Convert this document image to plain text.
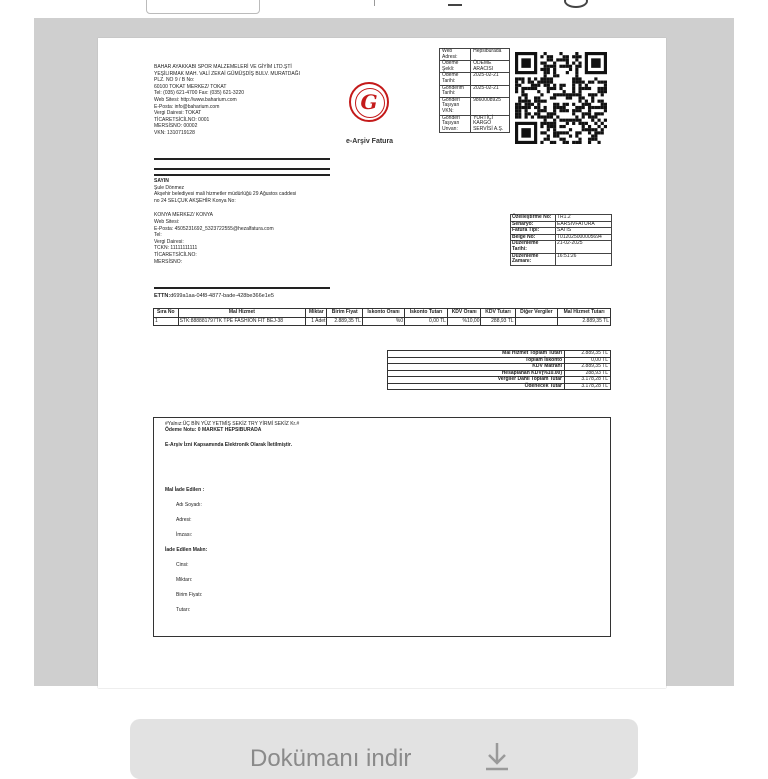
BAHAR AYAKKABI SPOR MALZEMELERİ VE GİYİM LTD.ŞTİ
YEŞİLIRMAK MAH. VALİ ZEKAİ GÜMÜŞDİŞ BULV. MURATDAĞI
PLZ. NO 9 / B No:
60100 TOKAT MERKEZ/ TOKAT
Tel: (035) 621-4700 Fax: (035) 621-3220
Web Sitesi: http://www.baharium.com
E-Posta: info@baharium.com
Vergi Dairesi: TOKAT
TİCARETSİCİLNO: 0001
MERSİSNO: 00002
VKN: 1310719128
G
e-Arşiv Fatura
Web Adresi:	Hepsiburada
Ödeme Şekli:	ÖDEME ARACISI
Ödeme Tarihi:	2025-02-21
Gönderim Tarihi:	2025-02-21
Gönderi Taşıyan VKN:	9860008925
Gönderi Taşıyan Unvan:	YURTİÇİ KARGO SERVİSİ A.Ş.
SAYIN
Şule Dönmez
Akşehir belediyesi mali hizmetler müdürlüğü 29 Ağustos caddesi
no 24 SELÇUK AKŞEHİR Konya No:
KONYA MERKEZ/ KONYA
Web Sitesi:
E-Posta: 4505231692_5323722555@hezalfatura.com
Tel:
Vergi Dairesi:
TCKN: 11111111111
TİCARETSİCİLNO:
MERSİSNO:
Özelleştirme No:	TR1.2
Senaryo:	EARSIVFATURA
Fatura Tipi:	SATIS
Belge No:	T012025000005694
Düzenleme Tarihi:	21-02-2025
Düzenleme Zamanı:	16:51:26
ETTN:d699a1aa-04f8-4877-bade-428be366e1e5
Sıra No	Mal Hizmet	Miktar	Birim Fiyat	İskonto Oranı	İskonto Tutarı	KDV Oranı	KDV Tutarı	Diğer Vergiler	Mal Hizmet Tutarı
1	STK:888881797TK TPE FASHION FİT BEJ-38	1 Adet	2.889,35 TL	%0	0,00 TL	%10,00	288,93 TL		2.889,35 TL
Mal Hizmet Toplam Tutarı	2.889,35 TL
Toplam İskonto	0,00 TL
KDV Matrahı	2.889,35 TL
Hesaplanan KDV(%10.00)	288,93 TL
Vergiler Dahil Toplam Tutar	3.178,28 TL
Ödenecek Tutar	3.178,28 TL
#Yalnız:ÜÇ BİN YÜZ YETMİŞ SEKİZ TRY YİRMİ SEKİZ Kr.#
Ödeme Notu: 0 MARKET HEPSIBURADA
E-Arşiv İzni Kapsamında Elektronik Olarak İletilmiştir.
Mal İade Edilen :
Adı Soyadı:
Adresi:
İmzası:
İade Edilen Malın:
Cinsi:
Miktarı:
Birim Fiyatı:
Tutarı:
Dokümanı indir
